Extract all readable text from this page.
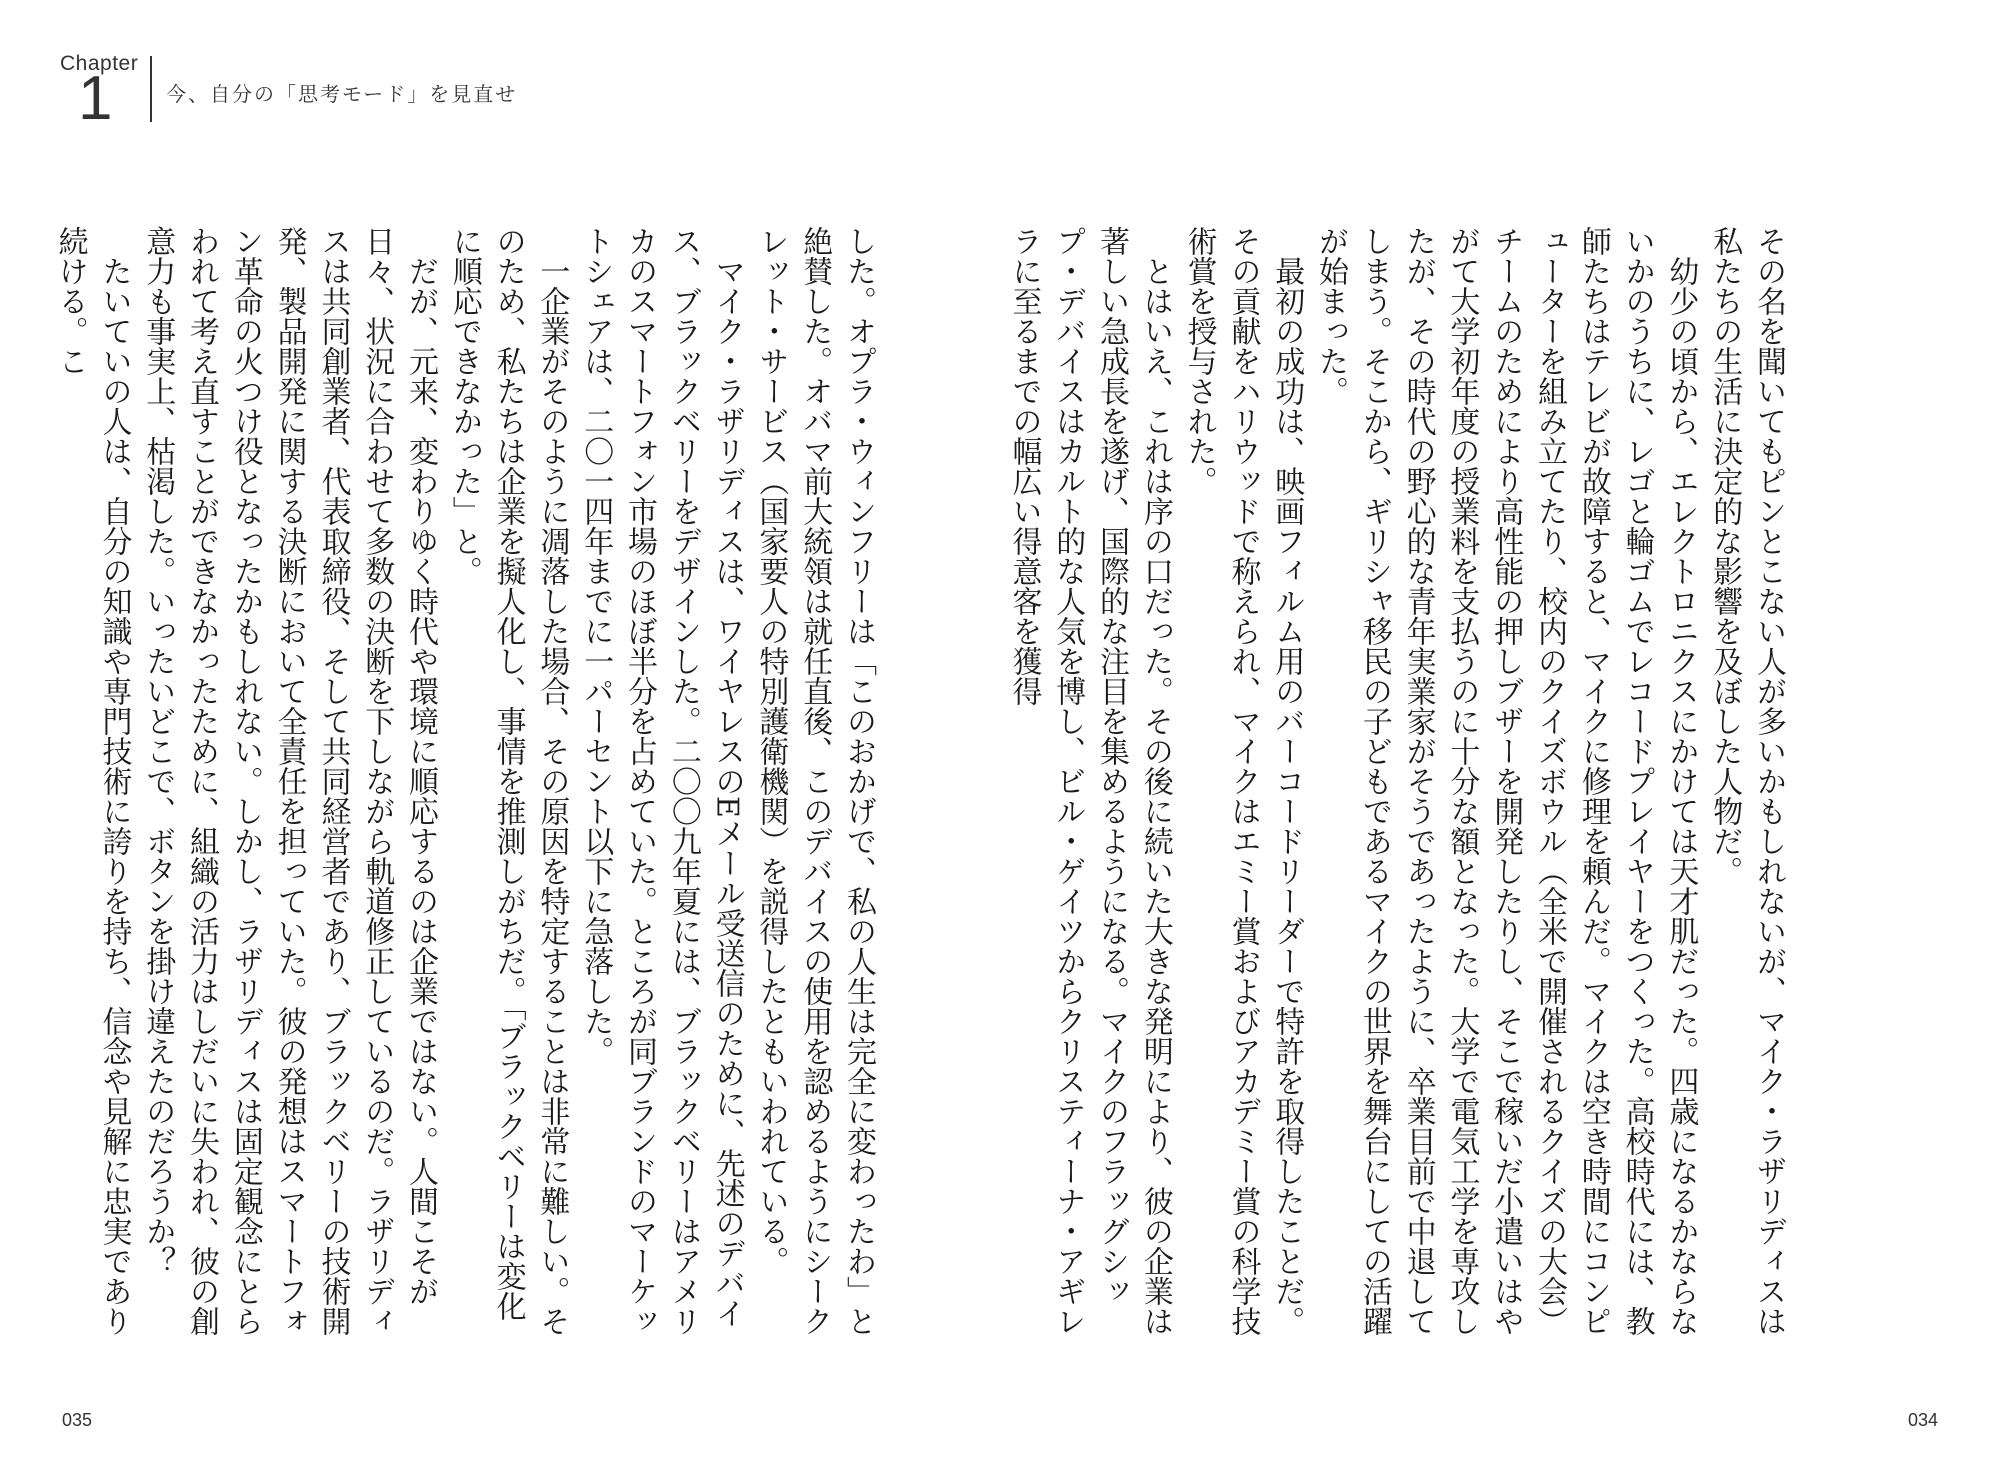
Chapter
1	今、自分の「思考モード」を見直せ

その名を聞いてもピンとこない人が多いかもしれないが、マイク・ラザリディスは私たちの生活に決定的な影響を及ぼした人物だ。

幼少の頃から、エレクトロニクスにかけては天才肌だった。四歳になるかならないかのうちに、レゴと輪ゴムでレコードプレイヤーをつくった。高校時代には、教師たちはテレビが故障すると、マイクに修理を頼んだ。マイクは空き時間にコンピューターを組み立てたり、校内のクイズボウル（全米で開催されるクイズの大会）チームのためにより高性能の押しブザーを開発したりし、そこで稼いだ小遣いはやがて大学初年度の授業料を支払うのに十分な額となった。大学で電気工学を専攻したが、その時代の野心的な青年実業家がそうであったように、卒業目前で中退してしまう。そこから、ギリシャ移民の子どもであるマイクの世界を舞台にしての活躍が始まった。

最初の成功は、映画フィルム用のバーコードリーダーで特許を取得したことだ。その貢献をハリウッドで称えられ、マイクはエミー賞およびアカデミー賞の科学技術賞を授与された。

とはいえ、これは序の口だった。その後に続いた大きな発明により、彼の企業は著しい急成長を遂げ、国際的な注目を集めるようになる。マイクのフラッグシップ・デバイスはカルト的な人気を博し、ビル・ゲイツからクリスティーナ・アギレラに至るまでの幅広い得意客を獲得

した。オプラ・ウィンフリーは「このおかげで、私の人生は完全に変わったわ」と絶賛した。オバマ前大統領は就任直後、このデバイスの使用を認めるようにシークレット・サービス（国家要人の特別護衛機関）を説得したともいわれている。

マイク・ラザリディスは、ワイヤレスのEメール受送信のために、先述のデバイス、ブラックベリーをデザインした。二〇〇九年夏には、ブラックベリーはアメリカのスマートフォン市場のほぼ半分を占めていた。ところが同ブランドのマーケットシェアは、二〇一四年までに一パーセント以下に急落した。

一企業がそのように凋落した場合、その原因を特定することは非常に難しい。そのため、私たちは企業を擬人化し、事情を推測しがちだ。「ブラックベリーは変化に順応できなかった」と。

だが、元来、変わりゆく時代や環境に順応するのは企業ではない。人間こそが日々、状況に合わせて多数の決断を下しながら軌道修正しているのだ。ラザリディスは共同創業者、代表取締役、そして共同経営者であり、ブラックベリーの技術開発、製品開発に関する決断において全責任を担っていた。彼の発想はスマートフォン革命の火つけ役となったかもしれない。しかし、ラザリディスは固定観念にとらわれて考え直すことができなかったために、組織の活力はしだいに失われ、彼の創意力も事実上、枯渇した。いったいどこで、ボタンを掛け違えたのだろうか？

たいていの人は、自分の知識や専門技術に誇りを持ち、信念や見解に忠実であり続ける。こ

035	034
